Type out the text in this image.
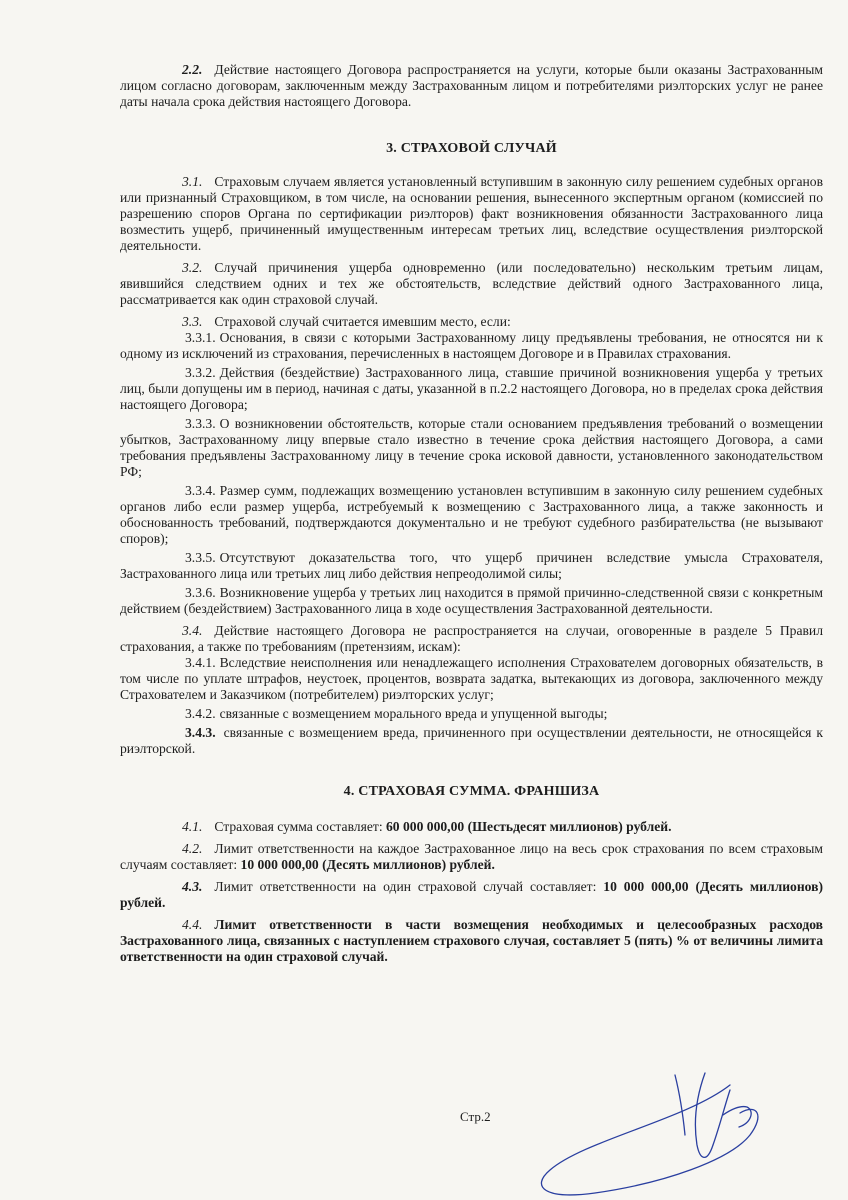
2.2. Действие настоящего Договора распространяется на услуги, которые были оказаны Застрахованным лицом согласно договорам, заключенным между Застрахованным лицом и потребителями риэлторских услуг не ранее даты начала срока действия настоящего Договора.

3. СТРАХОВОЙ СЛУЧАЙ

3.1. Страховым случаем является установленный вступившим в законную силу решением судебных органов или признанный Страховщиком, в том числе, на основании решения, вынесенного экспертным органом (комиссией по разрешению споров Органа по сертификации риэлторов) факт возникновения обязанности Застрахованного лица возместить ущерб, причиненный имущественным интересам третьих лиц, вследствие осуществления риэлторской деятельности.

3.2. Случай причинения ущерба одновременно (или последовательно) нескольким третьим лицам, явившийся следствием одних и тех же обстоятельств, вследствие действий одного Застрахованного лица, рассматривается как один страховой случай.

3.3. Страховой случай считается имевшим место, если:

3.3.1. Основания, в связи с которыми Застрахованному лицу предъявлены требования, не относятся ни к одному из исключений из страхования, перечисленных в настоящем Договоре и в Правилах страхования.

3.3.2. Действия (бездействие) Застрахованного лица, ставшие причиной возникновения ущерба у третьих лиц, были допущены им в период, начиная с даты, указанной в п.2.2 настоящего Договора, но в пределах срока действия настоящего Договора;

3.3.3. О возникновении обстоятельств, которые стали основанием предъявления требований о возмещении убытков, Застрахованному лицу впервые стало известно в течение срока действия настоящего Договора, а сами требования предъявлены Застрахованному лицу в течение срока исковой давности, установленного законодательством РФ;

3.3.4. Размер сумм, подлежащих возмещению установлен вступившим в законную силу решением судебных органов либо если размер ущерба, истребуемый к возмещению с Застрахованного лица, а также законность и обоснованность требований, подтверждаются документально и не требуют судебного разбирательства (не вызывают споров);

3.3.5. Отсутствуют доказательства того, что ущерб причинен вследствие умысла Страхователя, Застрахованного лица или третьих лиц либо действия непреодолимой силы;

3.3.6. Возникновение ущерба у третьих лиц находится в прямой причинно-следственной связи с конкретным действием (бездействием) Застрахованного лица в ходе осуществления Застрахованной деятельности.

3.4. Действие настоящего Договора не распространяется на случаи, оговоренные в разделе 5 Правил страхования, а также по требованиям (претензиям, искам):

3.4.1. Вследствие неисполнения или ненадлежащего исполнения Страхователем договорных обязательств, в том числе по уплате штрафов, неустоек, процентов, возврата задатка, вытекающих из договора, заключенного между Страхователем и Заказчиком (потребителем) риэлторских услуг;

3.4.2. связанные с возмещением морального вреда и упущенной выгоды;

3.4.3. связанные с возмещением вреда, причиненного при осуществлении деятельности, не относящейся к риэлторской.

4. СТРАХОВАЯ СУММА. ФРАНШИЗА

4.1. Страховая сумма составляет: 60 000 000,00 (Шестьдесят миллионов) рублей.

4.2. Лимит ответственности на каждое Застрахованное лицо на весь срок страхования по всем страховым случаям составляет: 10 000 000,00 (Десять миллионов) рублей.

4.3. Лимит ответственности на один страховой случай составляет: 10 000 000,00 (Десять миллионов) рублей.

4.4. Лимит ответственности в части возмещения необходимых и целесообразных расходов Застрахованного лица, связанных с наступлением страхового случая, составляет 5 (пять) % от величины лимита ответственности на один страховой случай.

Стр.2
